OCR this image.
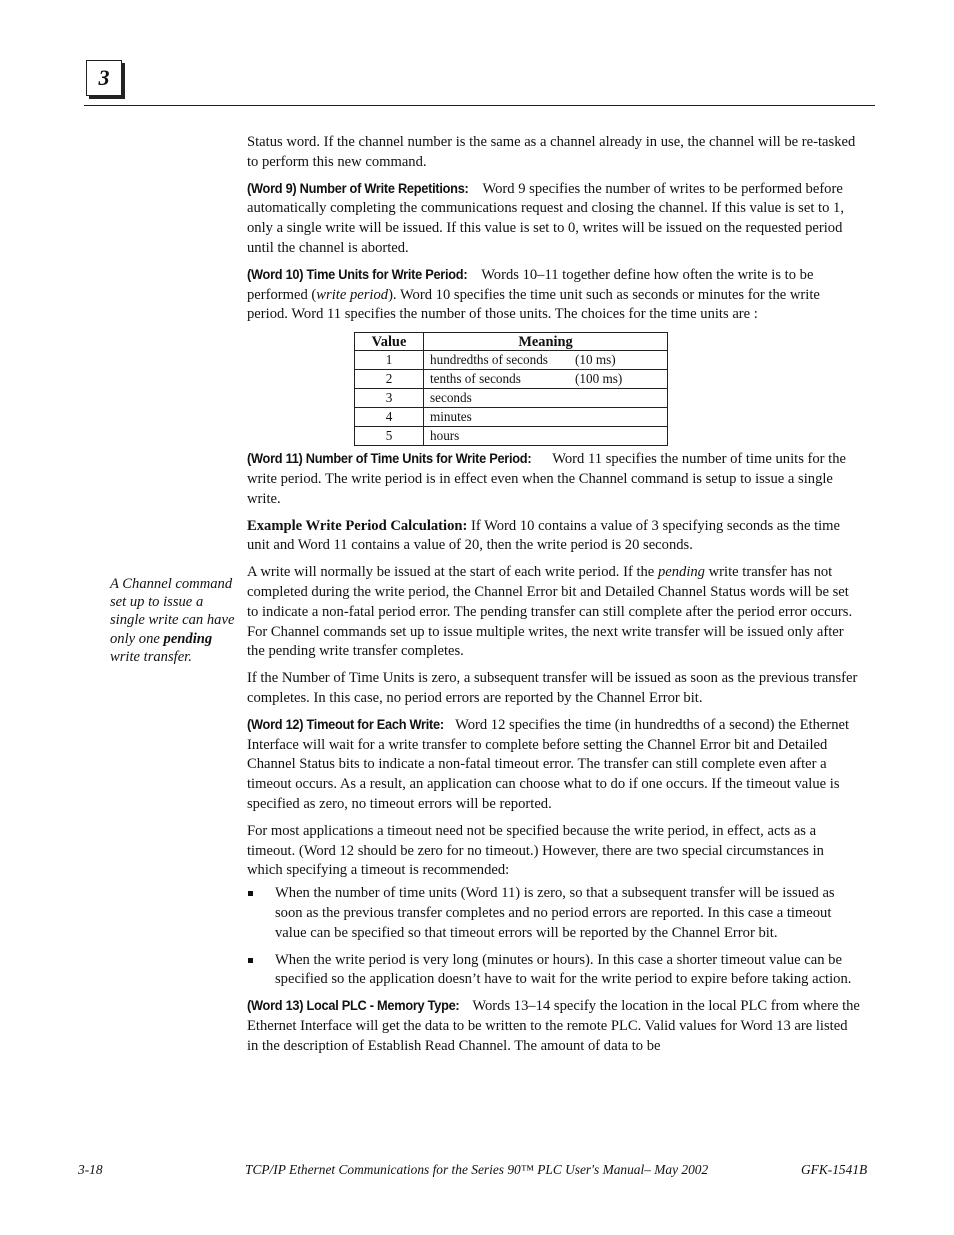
3
A Channel command set up to issue a single write can have only one pending write transfer.

Status word. If the channel number is the same as a channel already in use, the channel will be re-tasked to perform this new command.

(Word 9) Number of Write Repetitions: Word 9 specifies the number of writes to be performed before automatically completing the communications request and closing the channel. If this value is set to 1, only a single write will be issued. If this value is set to 0, writes will be issued on the requested period until the channel is aborted.

(Word 10) Time Units for Write Period: Words 10–11 together define how often the write is to be performed (write period). Word 10 specifies the time unit such as seconds or minutes for the write period. Word 11 specifies the number of those units. The choices for the time units are :

Value	Meaning
1	hundredths of seconds (10 ms)

2	tenths of seconds (100 ms)

3	seconds
4	minutes
5	hours

(Word 11) Number of Time Units for Write Period: Word 11 specifies the number of time units for the write period. The write period is in effect even when the Channel command is setup to issue a single write.

Example Write Period Calculation: If Word 10 contains a value of 3 specifying seconds as the time unit and Word 11 contains a value of 20, then the write period is 20 seconds.

A write will normally be issued at the start of each write period. If the pending write transfer has not completed during the write period, the Channel Error bit and Detailed Channel Status words will be set to indicate a non-fatal period error. The pending transfer can still complete after the period error occurs. For Channel commands set up to issue multiple writes, the next write transfer will be issued only after the pending write transfer completes.

If the Number of Time Units is zero, a subsequent transfer will be issued as soon as the previous transfer completes. In this case, no period errors are reported by the Channel Error bit.

(Word 12) Timeout for Each Write: Word 12 specifies the time (in hundredths of a second) the Ethernet Interface will wait for a write transfer to complete before setting the Channel Error bit and Detailed Channel Status bits to indicate a non-fatal timeout error. The transfer can still complete even after a timeout occurs. As a result, an application can choose what to do if one occurs. If the timeout value is specified as zero, no timeout errors will be reported.

For most applications a timeout need not be specified because the write period, in effect, acts as a timeout. (Word 12 should be zero for no timeout.) However, there are two special circumstances in which specifying a timeout is recommended:

When the number of time units (Word 11) is zero, so that a subsequent transfer will be issued as soon as the previous transfer completes and no period errors are reported. In this case a timeout value can be specified so that timeout errors will be reported by the Channel Error bit.
When the write period is very long (minutes or hours). In this case a shorter timeout value can be specified so the application doesn’t have to wait for the write period to expire before taking action.

(Word 13) Local PLC - Memory Type: Words 13–14 specify the location in the local PLC from where the Ethernet Interface will get the data to be written to the remote PLC. Valid values for Word 13 are listed in the description of Establish Read Channel. The amount of data to be

3-18	TCP/IP Ethernet Communications for the Series 90™ PLC User's Manual– May 2002	GFK-1541B
